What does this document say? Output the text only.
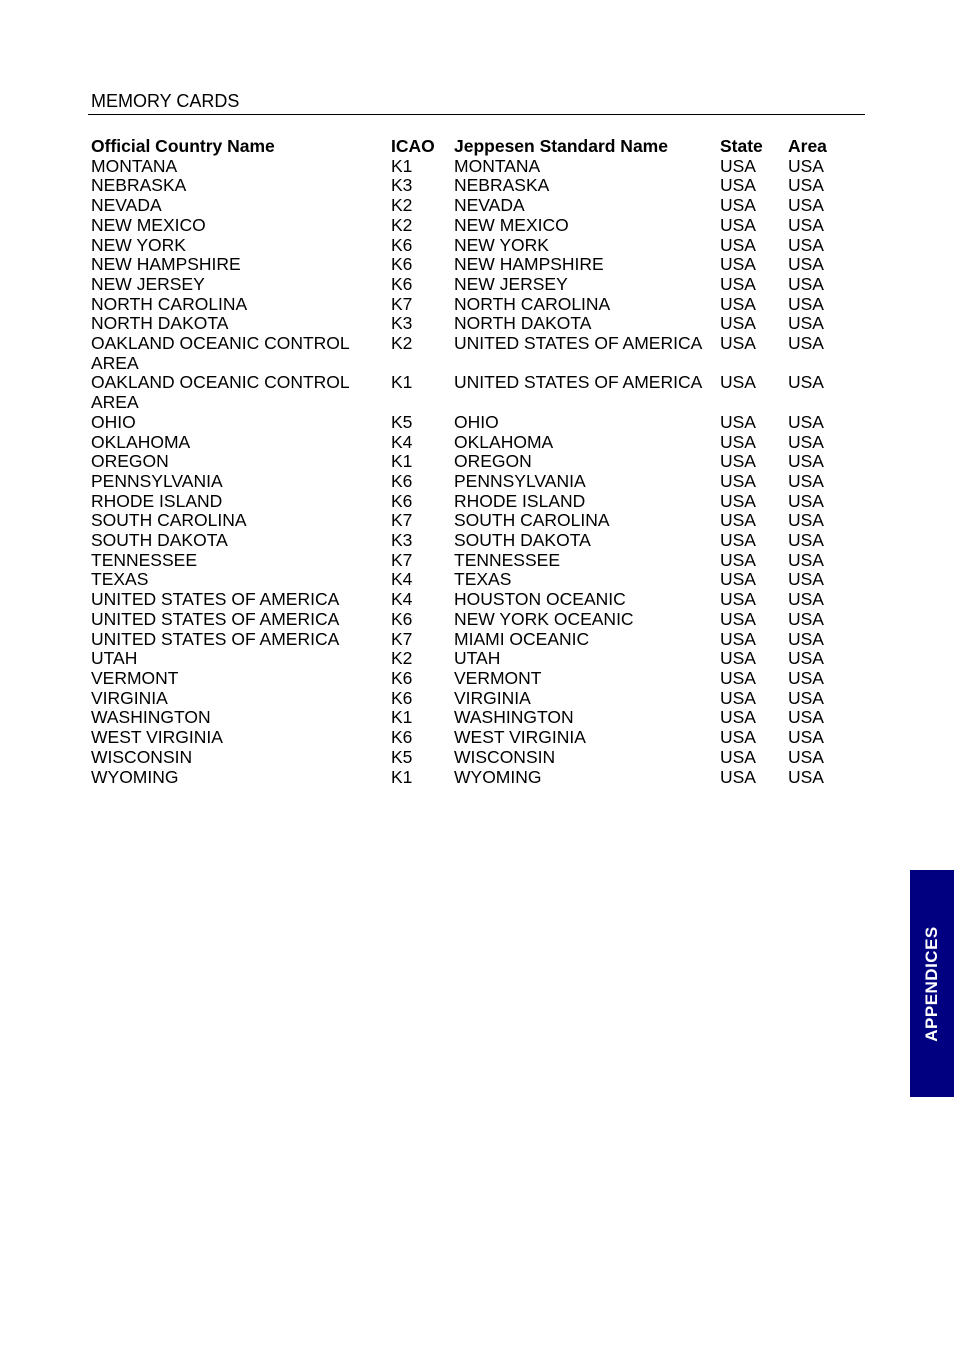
MEMORY CARDS
Official Country Name	ICAO	Jeppesen Standard Name	State	Area
MONTANA	K1	MONTANA	USA	USA
NEBRASKA	K3	NEBRASKA	USA	USA
NEVADA	K2	NEVADA	USA	USA
NEW MEXICO	K2	NEW MEXICO	USA	USA
NEW YORK	K6	NEW YORK	USA	USA
NEW HAMPSHIRE	K6	NEW HAMPSHIRE	USA	USA
NEW JERSEY	K6	NEW JERSEY	USA	USA
NORTH CAROLINA	K7	NORTH CAROLINA	USA	USA
NORTH DAKOTA	K3	NORTH DAKOTA	USA	USA
OAKLAND OCEANIC CONTROL AREA	K2	UNITED STATES OF AMERICA	USA	USA
OAKLAND OCEANIC CONTROL AREA	K1	UNITED STATES OF AMERICA	USA	USA
OHIO	K5	OHIO	USA	USA
OKLAHOMA	K4	OKLAHOMA	USA	USA
OREGON	K1	OREGON	USA	USA
PENNSYLVANIA	K6	PENNSYLVANIA	USA	USA
RHODE ISLAND	K6	RHODE ISLAND	USA	USA
SOUTH CAROLINA	K7	SOUTH CAROLINA	USA	USA
SOUTH DAKOTA	K3	SOUTH DAKOTA	USA	USA
TENNESSEE	K7	TENNESSEE	USA	USA
TEXAS	K4	TEXAS	USA	USA
UNITED STATES OF AMERICA	K4	HOUSTON OCEANIC	USA	USA
UNITED STATES OF AMERICA	K6	NEW YORK OCEANIC	USA	USA
UNITED STATES OF AMERICA	K7	MIAMI OCEANIC	USA	USA
UTAH	K2	UTAH	USA	USA
VERMONT	K6	VERMONT	USA	USA
VIRGINIA	K6	VIRGINIA	USA	USA
WASHINGTON	K1	WASHINGTON	USA	USA
WEST VIRGINIA	K6	WEST VIRGINIA	USA	USA
WISCONSIN	K5	WISCONSIN	USA	USA
WYOMING	K1	WYOMING	USA	USA
APPENDICES
